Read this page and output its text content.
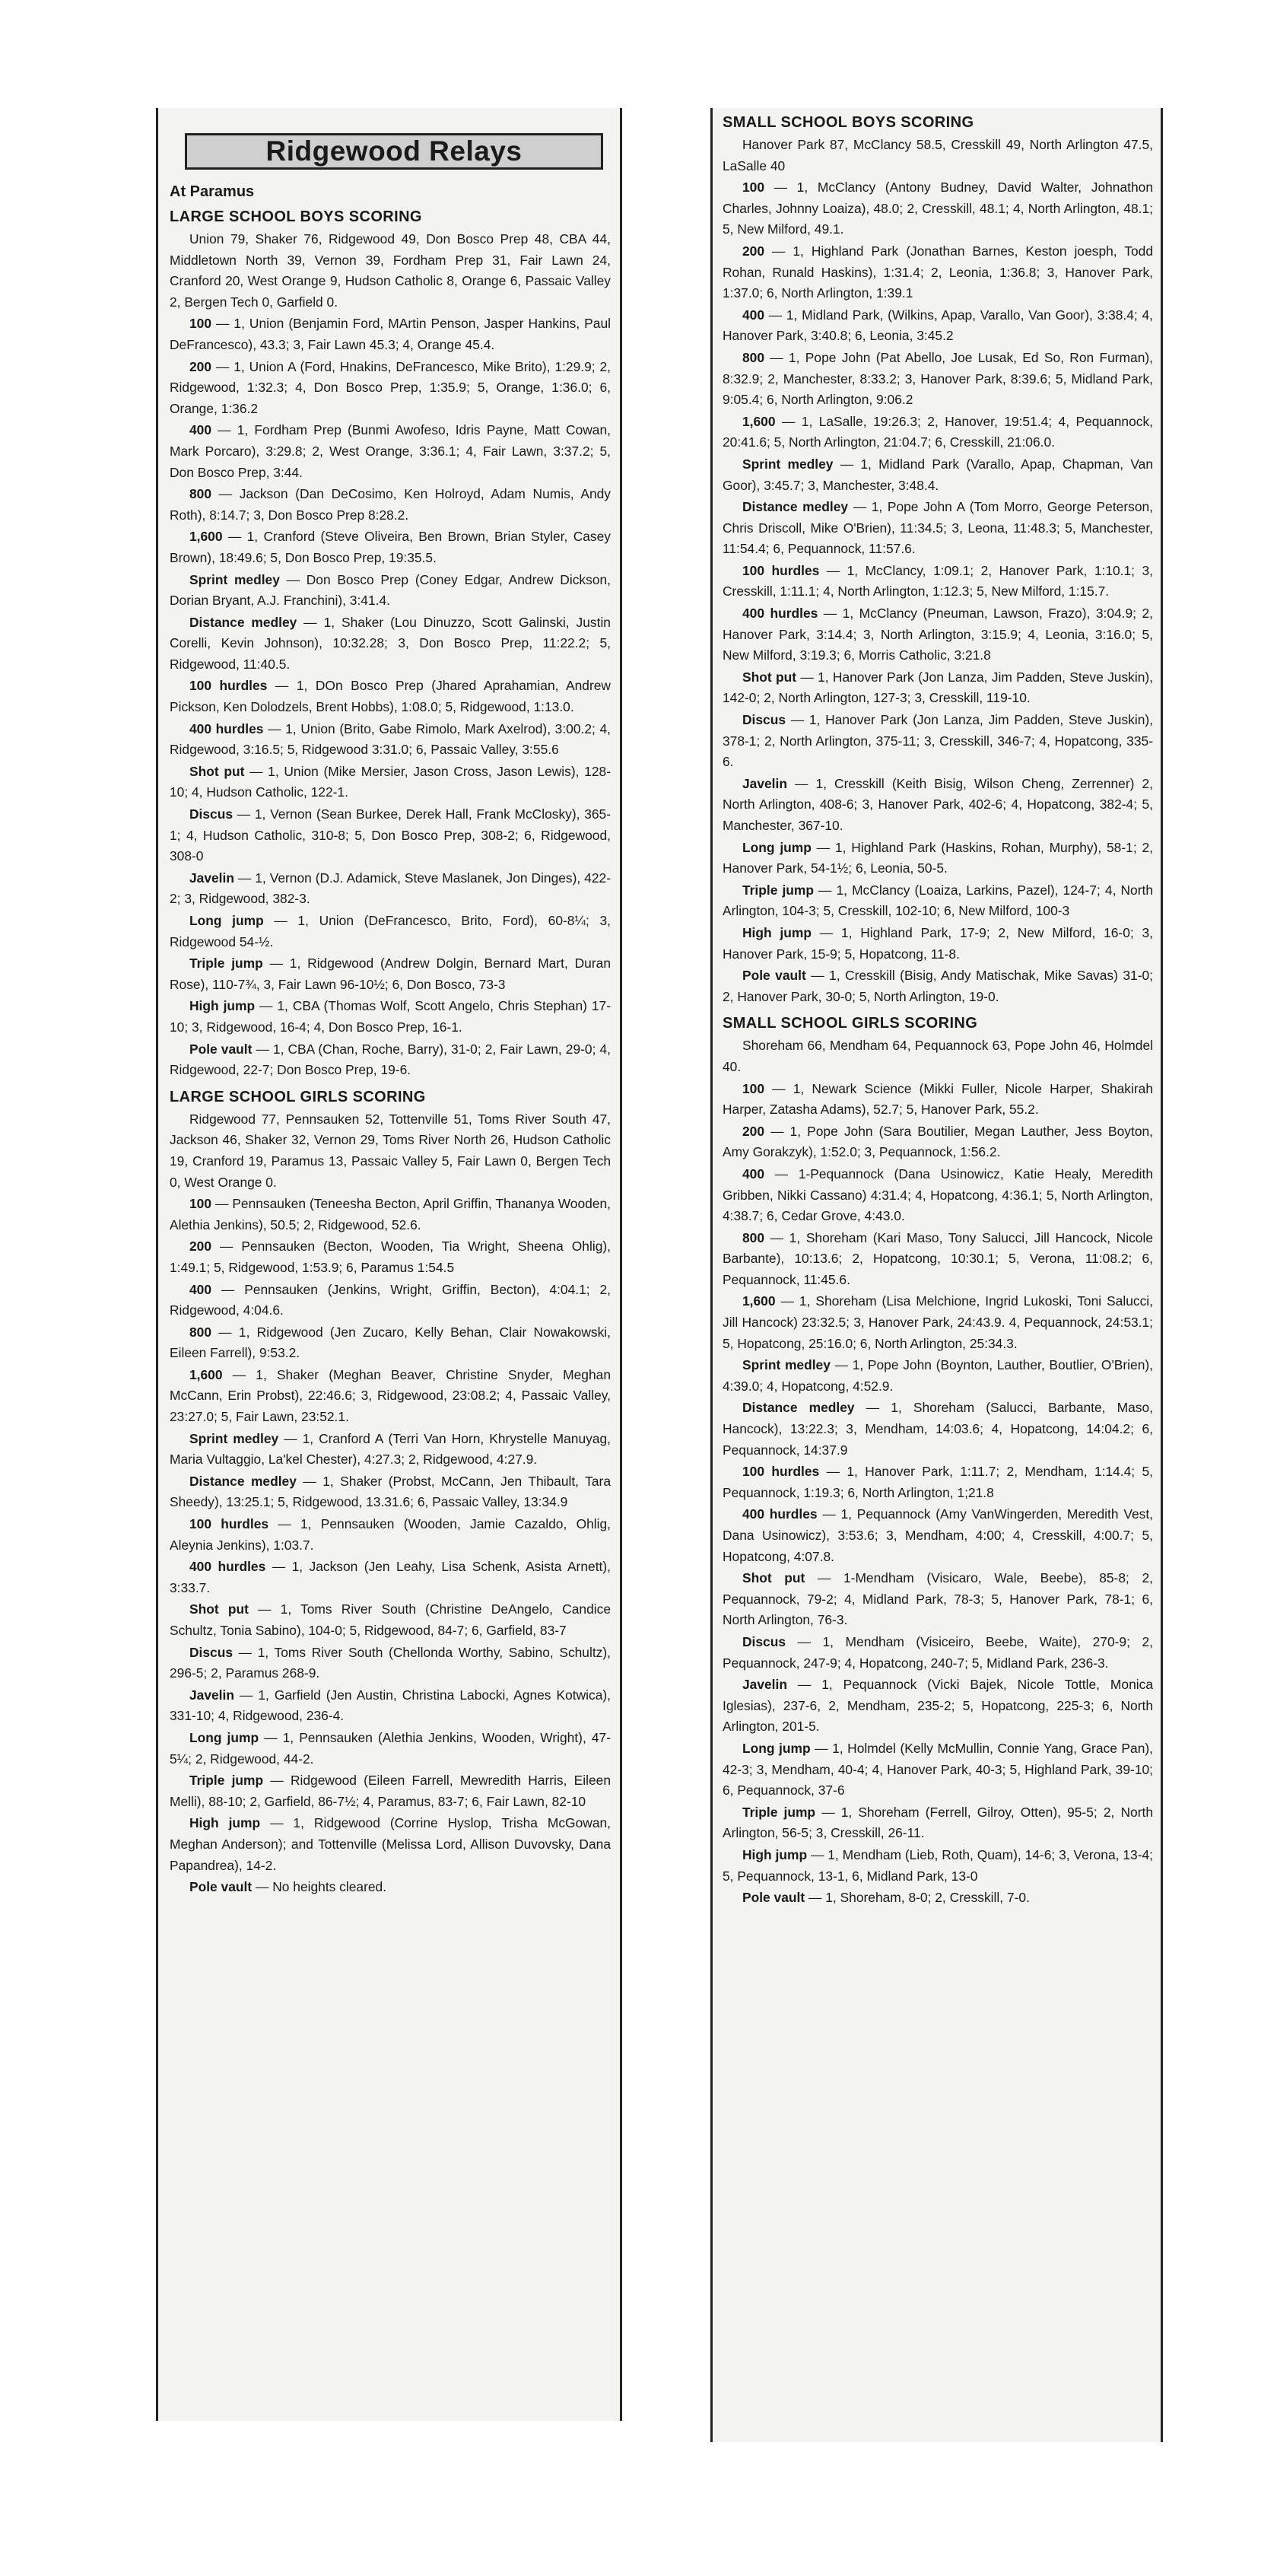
Ridgewood Relays
At Paramus
LARGE SCHOOL BOYS SCORING

Union 79, Shaker 76, Ridgewood 49, Don Bosco Prep 48, CBA 44, Middletown North 39, Vernon 39, Fordham Prep 31, Fair Lawn 24, Cranford 20, West Orange 9, Hudson Catholic 8, Orange 6, Passaic Valley 2, Bergen Tech 0, Garfield 0.

100 — 1, Union (Benjamin Ford, MArtin Penson, Jasper Hankins, Paul DeFrancesco), 43.3; 3, Fair Lawn 45.3; 4, Orange 45.4.

200 — 1, Union A (Ford, Hnakins, DeFrancesco, Mike Brito), 1:29.9; 2, Ridgewood, 1:32.3; 4, Don Bosco Prep, 1:35.9; 5, Orange, 1:36.0; 6, Orange, 1:36.2

400 — 1, Fordham Prep (Bunmi Awofeso, Idris Payne, Matt Cowan, Mark Porcaro), 3:29.8; 2, West Orange, 3:36.1; 4, Fair Lawn, 3:37.2; 5, Don Bosco Prep, 3:44.

800 — Jackson (Dan DeCosimo, Ken Holroyd, Adam Numis, Andy Roth), 8:14.7; 3, Don Bosco Prep 8:28.2.

1,600 — 1, Cranford (Steve Oliveira, Ben Brown, Brian Styler, Casey Brown), 18:49.6; 5, Don Bosco Prep, 19:35.5.

Sprint medley — Don Bosco Prep (Coney Edgar, Andrew Dickson, Dorian Bryant, A.J. Franchini), 3:41.4.

Distance medley — 1, Shaker (Lou Dinuzzo, Scott Galinski, Justin Corelli, Kevin Johnson), 10:32.28; 3, Don Bosco Prep, 11:22.2; 5, Ridgewood, 11:40.5.

100 hurdles — 1, DOn Bosco Prep (Jhared Aprahamian, Andrew Pickson, Ken Dolodzels, Brent Hobbs), 1:08.0; 5, Ridgewood, 1:13.0.

400 hurdles — 1, Union (Brito, Gabe Rimolo, Mark Axelrod), 3:00.2; 4, Ridgewood, 3:16.5; 5, Ridgewood 3:31.0; 6, Passaic Valley, 3:55.6

Shot put — 1, Union (Mike Mersier, Jason Cross, Jason Lewis), 128-10; 4, Hudson Catholic, 122-1.

Discus — 1, Vernon (Sean Burkee, Derek Hall, Frank McClosky), 365-1; 4, Hudson Catholic, 310-8; 5, Don Bosco Prep, 308-2; 6, Ridgewood, 308-0

Javelin — 1, Vernon (D.J. Adamick, Steve Maslanek, Jon Dinges), 422-2; 3, Ridgewood, 382-3.

Long jump — 1, Union (DeFrancesco, Brito, Ford), 60-8¼; 3, Ridgewood 54-½.

Triple jump — 1, Ridgewood (Andrew Dolgin, Bernard Mart, Duran Rose), 110-7¾, 3, Fair Lawn 96-10½; 6, Don Bosco, 73-3

High jump — 1, CBA (Thomas Wolf, Scott Angelo, Chris Stephan) 17-10; 3, Ridgewood, 16-4; 4, Don Bosco Prep, 16-1.

Pole vault — 1, CBA (Chan, Roche, Barry), 31-0; 2, Fair Lawn, 29-0; 4, Ridgewood, 22-7; Don Bosco Prep, 19-6.

LARGE SCHOOL GIRLS SCORING

Ridgewood 77, Pennsauken 52, Tottenville 51, Toms River South 47, Jackson 46, Shaker 32, Vernon 29, Toms River North 26, Hudson Catholic 19, Cranford 19, Paramus 13, Passaic Valley 5, Fair Lawn 0, Bergen Tech 0, West Orange 0.

100 — Pennsauken (Teneesha Becton, April Griffin, Thananya Wooden, Alethia Jenkins), 50.5; 2, Ridgewood, 52.6.

200 — Pennsauken (Becton, Wooden, Tia Wright, Sheena Ohlig), 1:49.1; 5, Ridgewood, 1:53.9; 6, Paramus 1:54.5

400 — Pennsauken (Jenkins, Wright, Griffin, Becton), 4:04.1; 2, Ridgewood, 4:04.6.

800 — 1, Ridgewood (Jen Zucaro, Kelly Behan, Clair Nowakowski, Eileen Farrell), 9:53.2.

1,600 — 1, Shaker (Meghan Beaver, Christine Snyder, Meghan McCann, Erin Probst), 22:46.6; 3, Ridgewood, 23:08.2; 4, Passaic Valley, 23:27.0; 5, Fair Lawn, 23:52.1.

Sprint medley — 1, Cranford A (Terri Van Horn, Khrystelle Manuyag, Maria Vultaggio, La'kel Chester), 4:27.3; 2, Ridgewood, 4:27.9.

Distance medley — 1, Shaker (Probst, McCann, Jen Thibault, Tara Sheedy), 13:25.1; 5, Ridgewood, 13.31.6; 6, Passaic Valley, 13:34.9

100 hurdles — 1, Pennsauken (Wooden, Jamie Cazaldo, Ohlig, Aleynia Jenkins), 1:03.7.

400 hurdles — 1, Jackson (Jen Leahy, Lisa Schenk, Asista Arnett), 3:33.7.

Shot put — 1, Toms River South (Christine DeAngelo, Candice Schultz, Tonia Sabino), 104-0; 5, Ridgewood, 84-7; 6, Garfield, 83-7

Discus — 1, Toms River South (Chellonda Worthy, Sabino, Schultz), 296-5; 2, Paramus 268-9.

Javelin — 1, Garfield (Jen Austin, Christina Labocki, Agnes Kotwica), 331-10; 4, Ridgewood, 236-4.

Long jump — 1, Pennsauken (Alethia Jenkins, Wooden, Wright), 47-5¼; 2, Ridgewood, 44-2.

Triple jump — Ridgewood (Eileen Farrell, Mewredith Harris, Eileen Melli), 88-10; 2, Garfield, 86-7½; 4, Paramus, 83-7; 6, Fair Lawn, 82-10

High jump — 1, Ridgewood (Corrine Hyslop, Trisha McGowan, Meghan Anderson); and Tottenville (Melissa Lord, Allison Duvovsky, Dana Papandrea), 14-2.

Pole vault — No heights cleared.

SMALL SCHOOL BOYS SCORING

Hanover Park 87, McClancy 58.5, Cresskill 49, North Arlington 47.5, LaSalle 40

100 — 1, McClancy (Antony Budney, David Walter, Johnathon Charles, Johnny Loaiza), 48.0; 2, Cresskill, 48.1; 4, North Arlington, 48.1; 5, New Milford, 49.1.

200 — 1, Highland Park (Jonathan Barnes, Keston joesph, Todd Rohan, Runald Haskins), 1:31.4; 2, Leonia, 1:36.8; 3, Hanover Park, 1:37.0; 6, North Arlington, 1:39.1

400 — 1, Midland Park, (Wilkins, Apap, Varallo, Van Goor), 3:38.4; 4, Hanover Park, 3:40.8; 6, Leonia, 3:45.2

800 — 1, Pope John (Pat Abello, Joe Lusak, Ed So, Ron Furman), 8:32.9; 2, Manchester, 8:33.2; 3, Hanover Park, 8:39.6; 5, Midland Park, 9:05.4; 6, North Arlington, 9:06.2

1,600 — 1, LaSalle, 19:26.3; 2, Hanover, 19:51.4; 4, Pequannock, 20:41.6; 5, North Arlington, 21:04.7; 6, Cresskill, 21:06.0.

Sprint medley — 1, Midland Park (Varallo, Apap, Chapman, Van Goor), 3:45.7; 3, Manchester, 3:48.4.

Distance medley — 1, Pope John A (Tom Morro, George Peterson, Chris Driscoll, Mike O'Brien), 11:34.5; 3, Leona, 11:48.3; 5, Manchester, 11:54.4; 6, Pequannock, 11:57.6.

100 hurdles — 1, McClancy, 1:09.1; 2, Hanover Park, 1:10.1; 3, Cresskill, 1:11.1; 4, North Arlington, 1:12.3; 5, New Milford, 1:15.7.

400 hurdles — 1, McClancy (Pneuman, Lawson, Frazo), 3:04.9; 2, Hanover Park, 3:14.4; 3, North Arlington, 3:15.9; 4, Leonia, 3:16.0; 5, New Milford, 3:19.3; 6, Morris Catholic, 3:21.8

Shot put — 1, Hanover Park (Jon Lanza, Jim Padden, Steve Juskin), 142-0; 2, North Arlington, 127-3; 3, Cresskill, 119-10.

Discus — 1, Hanover Park (Jon Lanza, Jim Padden, Steve Juskin), 378-1; 2, North Arlington, 375-11; 3, Cresskill, 346-7; 4, Hopatcong, 335-6.

Javelin — 1, Cresskill (Keith Bisig, Wilson Cheng, Zerrenner) 2, North Arlington, 408-6; 3, Hanover Park, 402-6; 4, Hopatcong, 382-4; 5, Manchester, 367-10.

Long jump — 1, Highland Park (Haskins, Rohan, Murphy), 58-1; 2, Hanover Park, 54-1½; 6, Leonia, 50-5.

Triple jump — 1, McClancy (Loaiza, Larkins, Pazel), 124-7; 4, North Arlington, 104-3; 5, Cresskill, 102-10; 6, New Milford, 100-3

High jump — 1, Highland Park, 17-9; 2, New Milford, 16-0; 3, Hanover Park, 15-9; 5, Hopatcong, 11-8.

Pole vault — 1, Cresskill (Bisig, Andy Matischak, Mike Savas) 31-0; 2, Hanover Park, 30-0; 5, North Arlington, 19-0.

SMALL SCHOOL GIRLS SCORING

Shoreham 66, Mendham 64, Pequannock 63, Pope John 46, Holmdel 40.

100 — 1, Newark Science (Mikki Fuller, Nicole Harper, Shakirah Harper, Zatasha Adams), 52.7; 5, Hanover Park, 55.2.

200 — 1, Pope John (Sara Boutilier, Megan Lauther, Jess Boyton, Amy Gorakzyk), 1:52.0; 3, Pequannock, 1:56.2.

400 — 1-Pequannock (Dana Usinowicz, Katie Healy, Meredith Gribben, Nikki Cassano) 4:31.4; 4, Hopatcong, 4:36.1; 5, North Arlington, 4:38.7; 6, Cedar Grove, 4:43.0.

800 — 1, Shoreham (Kari Maso, Tony Salucci, Jill Hancock, Nicole Barbante), 10:13.6; 2, Hopatcong, 10:30.1; 5, Verona, 11:08.2; 6, Pequannock, 11:45.6.

1,600 — 1, Shoreham (Lisa Melchione, Ingrid Lukoski, Toni Salucci, Jill Hancock) 23:32.5; 3, Hanover Park, 24:43.9. 4, Pequannock, 24:53.1; 5, Hopatcong, 25:16.0; 6, North Arlington, 25:34.3.

Sprint medley — 1, Pope John (Boynton, Lauther, Boutlier, O'Brien), 4:39.0; 4, Hopatcong, 4:52.9.

Distance medley — 1, Shoreham (Salucci, Barbante, Maso, Hancock), 13:22.3; 3, Mendham, 14:03.6; 4, Hopatcong, 14:04.2; 6, Pequannock, 14:37.9

100 hurdles — 1, Hanover Park, 1:11.7; 2, Mendham, 1:14.4; 5, Pequannock, 1:19.3; 6, North Arlington, 1;21.8

400 hurdles — 1, Pequannock (Amy VanWingerden, Meredith Vest, Dana Usinowicz), 3:53.6; 3, Mendham, 4:00; 4, Cresskill, 4:00.7; 5, Hopatcong, 4:07.8.

Shot put — 1-Mendham (Visicaro, Wale, Beebe), 85-8; 2, Pequannock, 79-2; 4, Midland Park, 78-3; 5, Hanover Park, 78-1; 6, North Arlington, 76-3.

Discus — 1, Mendham (Visiceiro, Beebe, Waite), 270-9; 2, Pequannock, 247-9; 4, Hopatcong, 240-7; 5, Midland Park, 236-3.

Javelin — 1, Pequannock (Vicki Bajek, Nicole Tottle, Monica Iglesias), 237-6, 2, Mendham, 235-2; 5, Hopatcong, 225-3; 6, North Arlington, 201-5.

Long jump — 1, Holmdel (Kelly McMullin, Connie Yang, Grace Pan), 42-3; 3, Mendham, 40-4; 4, Hanover Park, 40-3; 5, Highland Park, 39-10; 6, Pequannock, 37-6

Triple jump — 1, Shoreham (Ferrell, Gilroy, Otten), 95-5; 2, North Arlington, 56-5; 3, Cresskill, 26-11.

High jump — 1, Mendham (Lieb, Roth, Quam), 14-6; 3, Verona, 13-4; 5, Pequannock, 13-1, 6, Midland Park, 13-0

Pole vault — 1, Shoreham, 8-0; 2, Cresskill, 7-0.
